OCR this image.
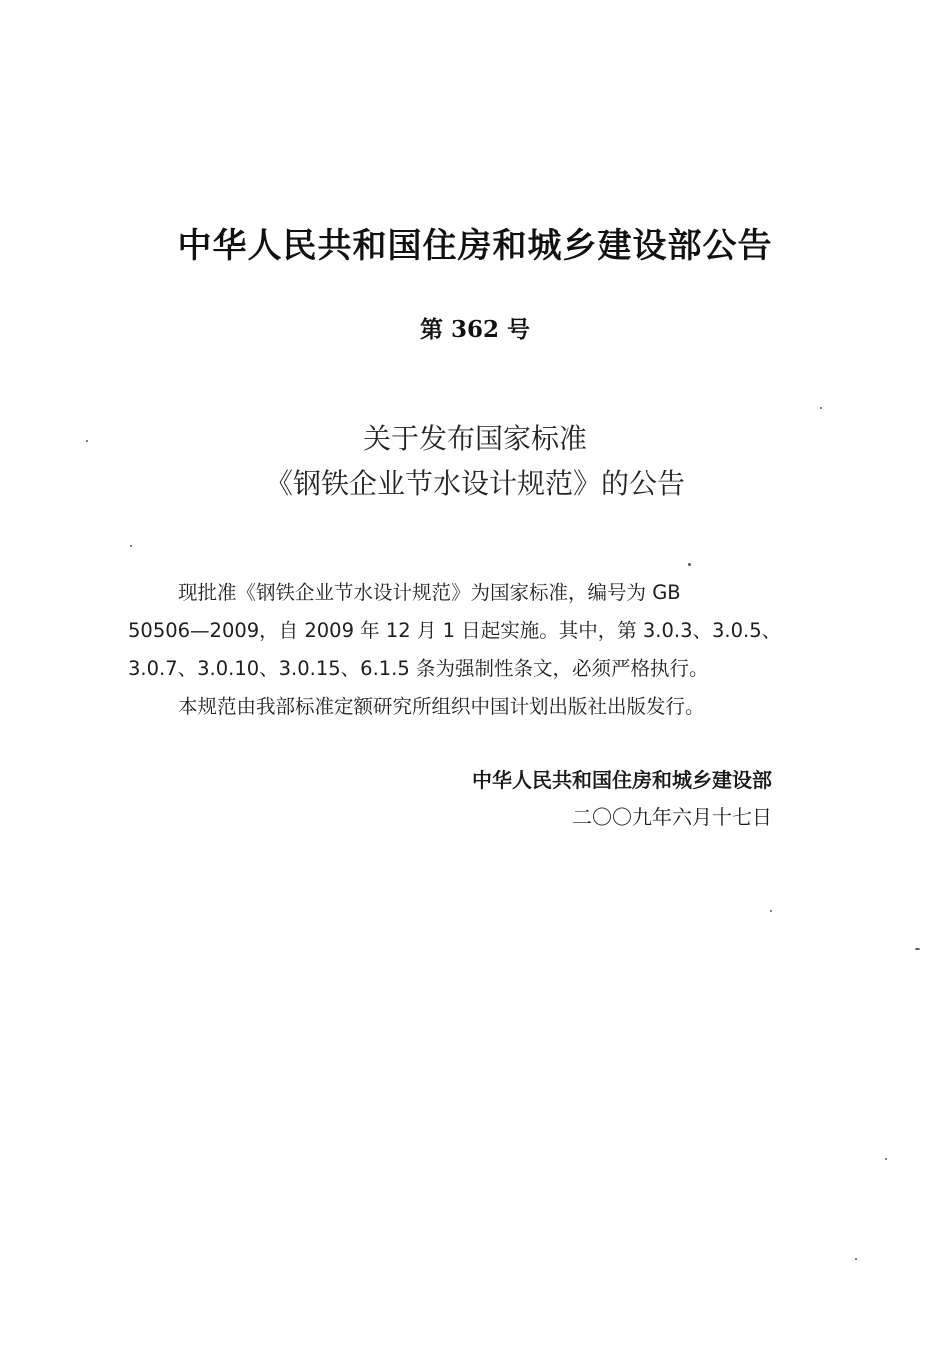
中华人民共和国住房和城乡建设部公告
第 362 号
关于发布国家标准
《钢铁企业节水设计规范》的公告
现批准《钢铁企业节水设计规范》为国家标准，编号为 GB
50506—2009，自 2009 年 12 月 1 日起实施。其中，第 3.0.3、3.0.5、
3.0.7、3.0.10、3.0.15、6.1.5 条为强制性条文，必须严格执行。
本规范由我部标准定额研究所组织中国计划出版社出版发行。
中华人民共和国住房和城乡建设部
二〇〇九年六月十七日
